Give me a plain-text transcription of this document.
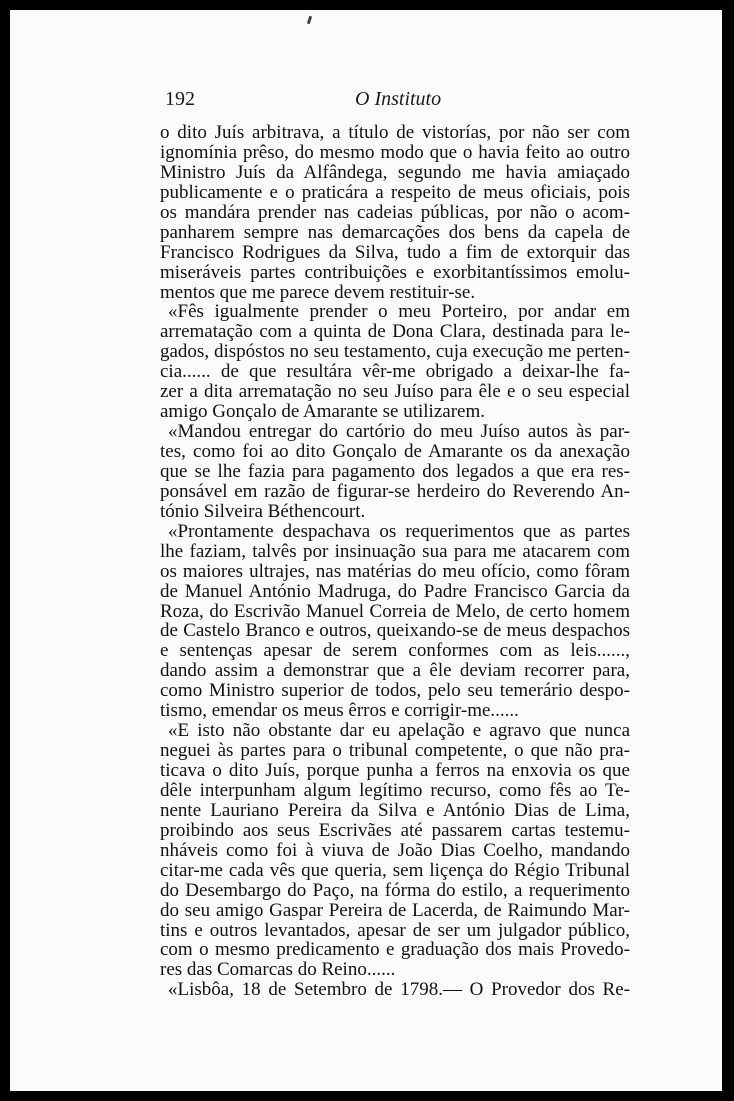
192	O Instituto
o dito Juís arbitrava, a título de vistorías, por não ser com
ignomínia prêso, do mesmo modo que o havia feito ao outro
Ministro Juís da Alfândega, segundo me havia amiaçado
publicamente e o praticára a respeito de meus oficiais, pois
os mandára prender nas cadeias públicas, por não o acom-
panharem sempre nas demarcações dos bens da capela de
Francisco Rodrigues da Silva, tudo a fim de extorquir das
miseráveis partes contribuições e exorbitantíssimos emolu-
mentos que me parece devem restituir-se.
«Fês igualmente prender o meu Porteiro, por andar em
arrematação com a quinta de Dona Clara, destinada para le-
gados, dispóstos no seu testamento, cuja execução me perten-
cia...... de que resultára vêr-me obrigado a deixar-lhe fa-
zer a dita arrematação no seu Juíso para êle e o seu especial
amigo Gonçalo de Amarante se utilizarem.
«Mandou entregar do cartório do meu Juíso autos às par-
tes, como foi ao dito Gonçalo de Amarante os da anexação
que se lhe fazia para pagamento dos legados a que era res-
ponsável em razão de figurar-se herdeiro do Reverendo An-
tónio Silveira Béthencourt.
«Prontamente despachava os requerimentos que as partes
lhe faziam, talvês por insinuação sua para me atacarem com
os maiores ultrajes, nas matérias do meu ofício, como fôram
de Manuel António Madruga, do Padre Francisco Garcia da
Roza, do Escrivão Manuel Correia de Melo, de certo homem
de Castelo Branco e outros, queixando-se de meus despachos
e sentenças apesar de serem conformes com as leis......,
dando assim a demonstrar que a êle deviam recorrer para,
como Ministro superior de todos, pelo seu temerário despo-
tismo, emendar os meus êrros e corrigir-me......
«E isto não obstante dar eu apelação e agravo que nunca
neguei às partes para o tribunal competente, o que não pra-
ticava o dito Juís, porque punha a ferros na enxovia os que
dêle interpunham algum legítimo recurso, como fês ao Te-
nente Lauriano Pereira da Silva e António Dias de Lima,
proibindo aos seus Escrivães até passarem cartas testemu-
nháveis como foi à viuva de João Dias Coelho, mandando
citar-me cada vês que queria, sem liçença do Régio Tribunal
do Desembargo do Paço, na fórma do estilo, a requerimento
do seu amigo Gaspar Pereira de Lacerda, de Raimundo Mar-
tins e outros levantados, apesar de ser um julgador público,
com o mesmo predicamento e graduação dos mais Provedo-
res das Comarcas do Reino......
«Lisbôa, 18 de Setembro de 1798.— O Provedor dos Re-
